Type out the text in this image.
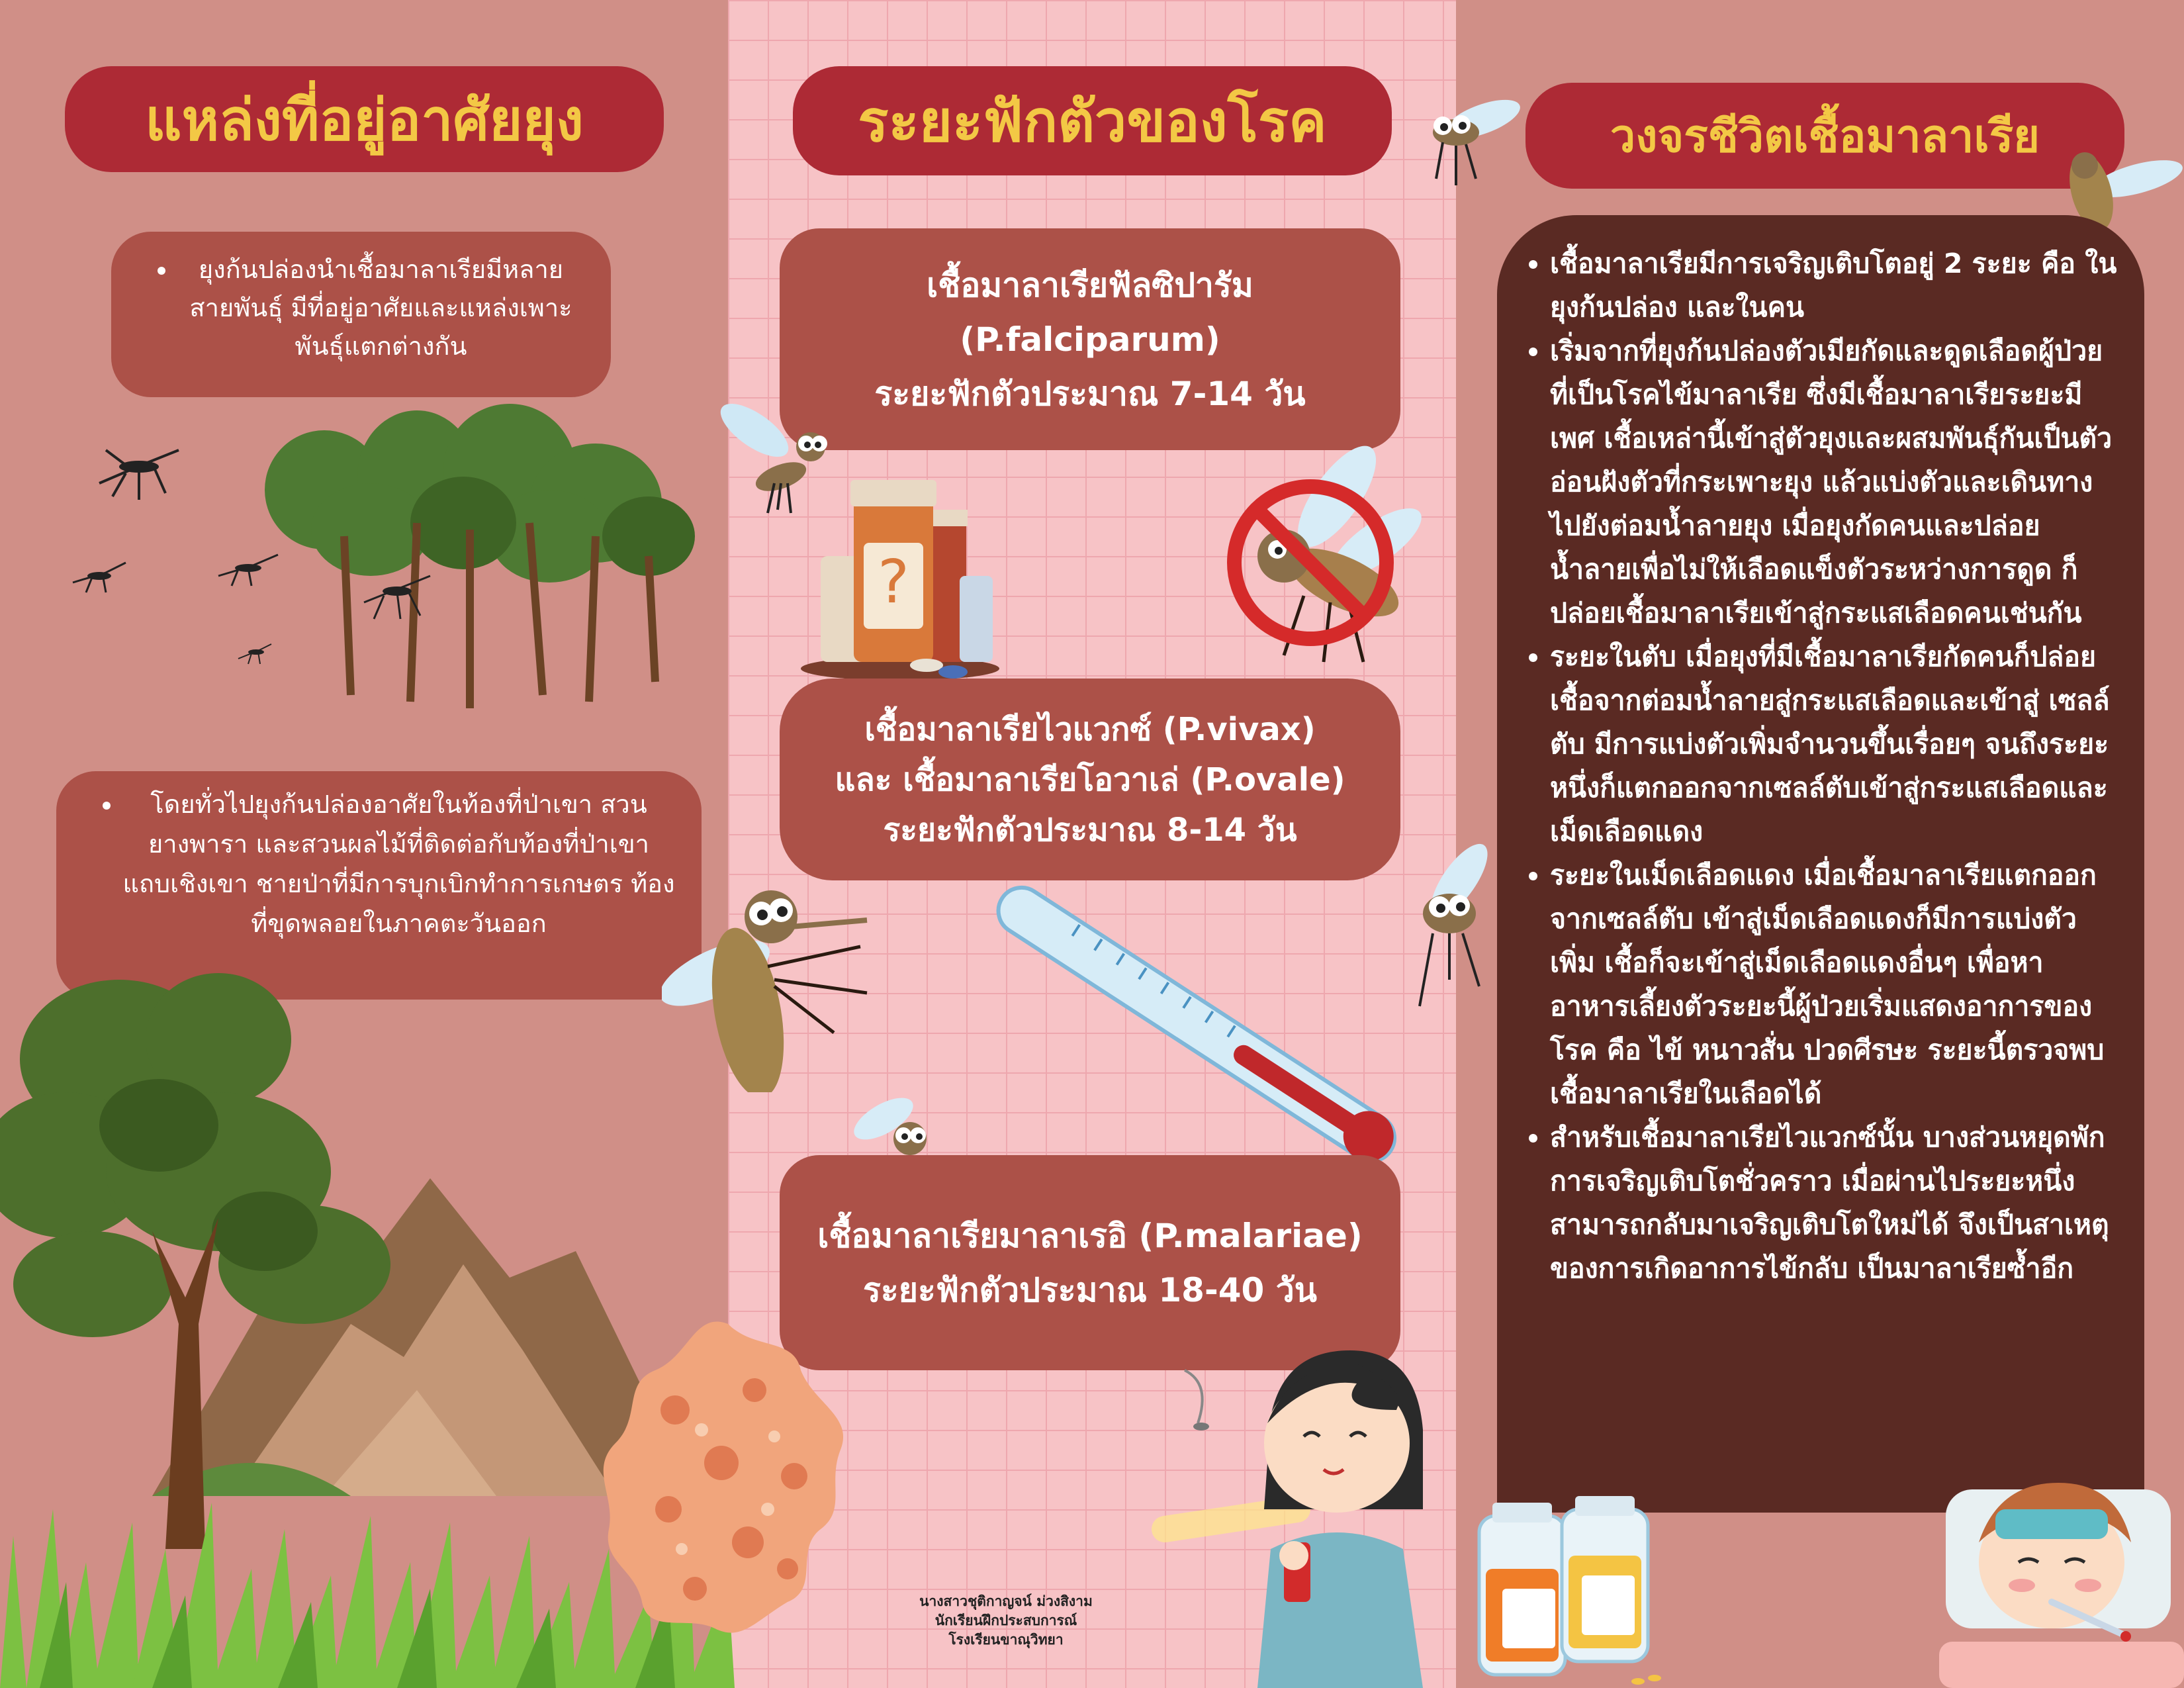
แหล่งที่อยู่อาศัยยุง
• ยุงก้นปล่องนำเชื้อมาลาเรียมีหลายสายพันธุ์ มีที่อยู่อาศัยและแหล่งเพาะพันธุ์แตกต่างกัน
• โดยทั่วไปยุงก้นปล่องอาศัยในท้องที่ป่าเขา สวนยางพารา และสวนผลไม้ที่ติดต่อกับท้องที่ป่าเขา แถบเชิงเขา ชายป่าที่มีการบุกเบิกทำการเกษตร ท้องที่ขุดพลอยในภาคตะวันออก
ระยะฟักตัวของโรค
เชื้อมาลาเรียฟัลซิปารัม
(P.falciparum)
ระยะฟักตัวประมาณ 7-14 วัน
?
เชื้อมาลาเรียไวแวกซ์ (P.vivax)
และ เชื้อมาลาเรียโอวาเล่ (P.ovale)
ระยะฟักตัวประมาณ 8-14 วัน
เชื้อมาลาเรียมาลาเรอิ (P.malariae)
ระยะฟักตัวประมาณ 18-40 วัน
นางสาวชุติกาญจน์ ม่วงสิงาม
นักเรียนฝึกประสบการณ์
โรงเรียนขาณุวิทยา
วงจรชีวิตเชื้อมาลาเรีย
• เชื้อมาลาเรียมีการเจริญเติบโตอยู่ 2 ระยะ คือ ในยุงก้นปล่อง และในคน
• เริ่มจากที่ยุงก้นปล่องตัวเมียกัดและดูดเลือดผู้ป่วยที่เป็นโรคไข้มาลาเรีย ซึ่งมีเชื้อมาลาเรียระยะมีเพศ เชื้อเหล่านี้เข้าสู่ตัวยุงและผสมพันธุ์กันเป็นตัวอ่อนฝังตัวที่กระเพาะยุง แล้วแบ่งตัวและเดินทางไปยังต่อมน้ำลายยุง เมื่อยุงกัดคนและปล่อยน้ำลายเพื่อไม่ให้เลือดแข็งตัวระหว่างการดูด ก็ปล่อยเชื้อมาลาเรียเข้าสู่กระแสเลือดคนเช่นกัน
• ระยะในตับ เมื่อยุงที่มีเชื้อมาลาเรียกัดคนก็ปล่อยเชื้อจากต่อมน้ำลายสู่กระแสเลือดและเข้าสู่ เซลล์ตับ มีการแบ่งตัวเพิ่มจำนวนขึ้นเรื่อยๆ จนถึงระยะหนึ่งก็แตกออกจากเซลล์ตับเข้าสู่กระแสเลือดและเม็ดเลือดแดง
• ระยะในเม็ดเลือดแดง เมื่อเชื้อมาลาเรียแตกออกจากเซลล์ตับ เข้าสู่เม็ดเลือดแดงก็มีการแบ่งตัวเพิ่ม เชื้อก็จะเข้าสู่เม็ดเลือดแดงอื่นๆ เพื่อหาอาหารเลี้ยงตัวระยะนี้ผู้ป่วยเริ่มแสดงอาการของโรค คือ ไข้ หนาวสั่น ปวดศีรษะ ระยะนี้ตรวจพบเชื้อมาลาเรียในเลือดได้
• สำหรับเชื้อมาลาเรียไวแวกซ์นั้น บางส่วนหยุดพักการเจริญเติบโตชั่วคราว เมื่อผ่านไประยะหนึ่งสามารถกลับมาเจริญเติบโตใหม่ได้ จึงเป็นสาเหตุของการเกิดอาการไข้กลับ เป็นมาลาเรียซ้ำอีก
